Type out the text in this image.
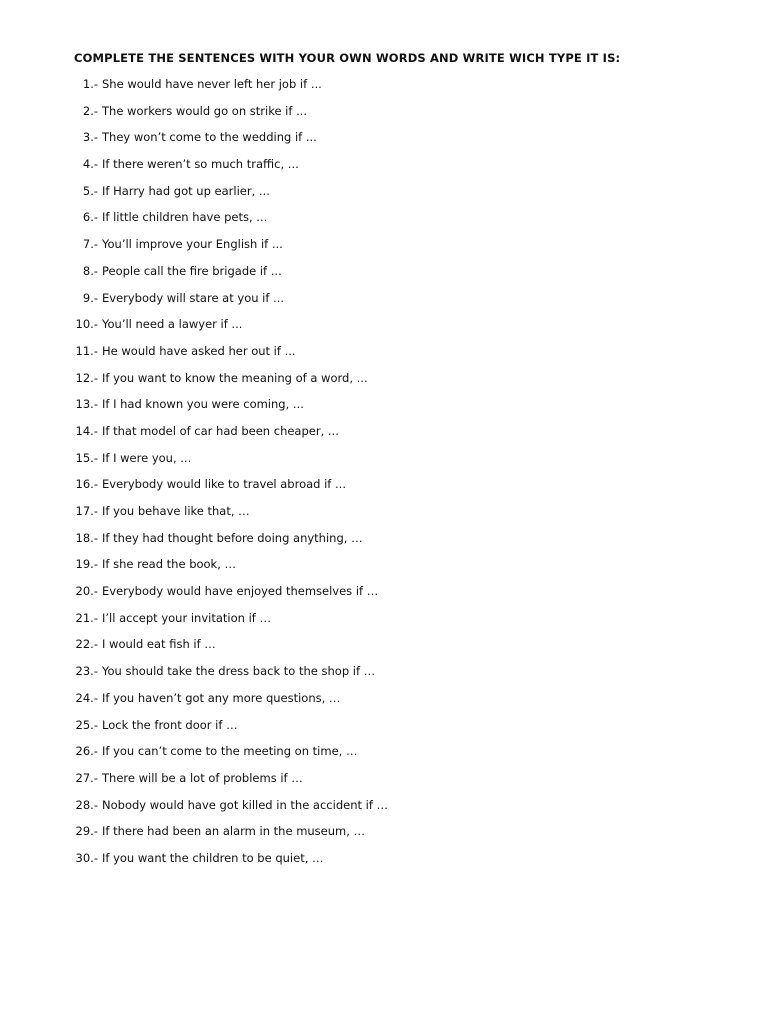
COMPLETE THE SENTENCES WITH YOUR OWN WORDS AND WRITE WICH TYPE IT IS:
1.- She would have never left her job if ...
2.- The workers would go on strike if ...
3.- They won’t come to the wedding if ...
4.- If there weren’t so much traffic, ...
5.- If Harry had got up earlier, ...
6.- If little children have pets, ...
7.- You’ll improve your English if ...
8.- People call the fire brigade if ...
9.- Everybody will stare at you if ...
10.- You’ll need a lawyer if ...
11.- He would have asked her out if ...
12.- If you want to know the meaning of a word, ...
13.- If I had known you were coming, ...
14.- If that model of car had been cheaper, ...
15.- If I were you, ...
16.- Everybody would like to travel abroad if ...
17.- If you behave like that, …
18.- If they had thought before doing anything, …
19.- If she read the book, …
20.- Everybody would have enjoyed themselves if …
21.- I’ll accept your invitation if …
22.- I would eat fish if …
23.- You should take the dress back to the shop if …
24.- If you haven’t got any more questions, …
25.- Lock the front door if …
26.- If you can’t come to the meeting on time, …
27.- There will be a lot of problems if …
28.- Nobody would have got killed in the accident if …
29.- If there had been an alarm in the museum, …
30.- If you want the children to be quiet, …
